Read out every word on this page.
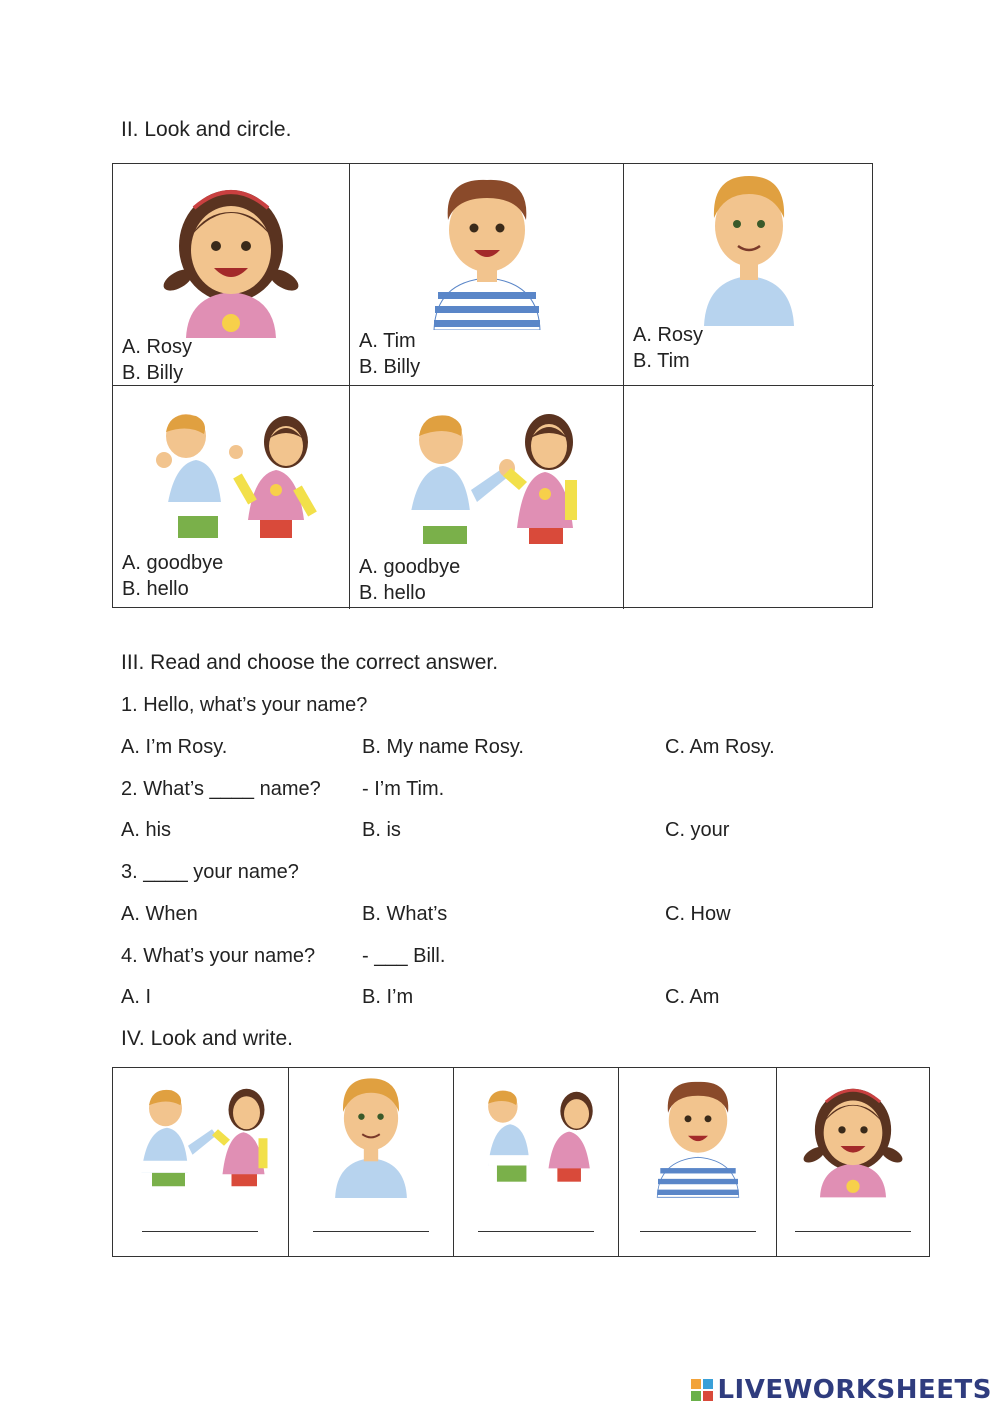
II. Look and circle.
A. Rosy
B. Billy
A. Tim
B. Billy
A. Rosy
B. Tim
A. goodbye
B. hello
A. goodbye
B. hello
III. Read and choose the correct answer.
1. Hello, what’s your name?
A. I’m Rosy.	B. My name Rosy.	C. Am Rosy.
2. What’s ____ name? - I’m Tim.
A. his	B. is	C. your
3. ____ your name?
A. When	B. What’s	C. How
4. What’s your name? - ___ Bill.
A. I	B. I’m	C. Am
IV. Look and write.
LIVEWORKSHEETS
